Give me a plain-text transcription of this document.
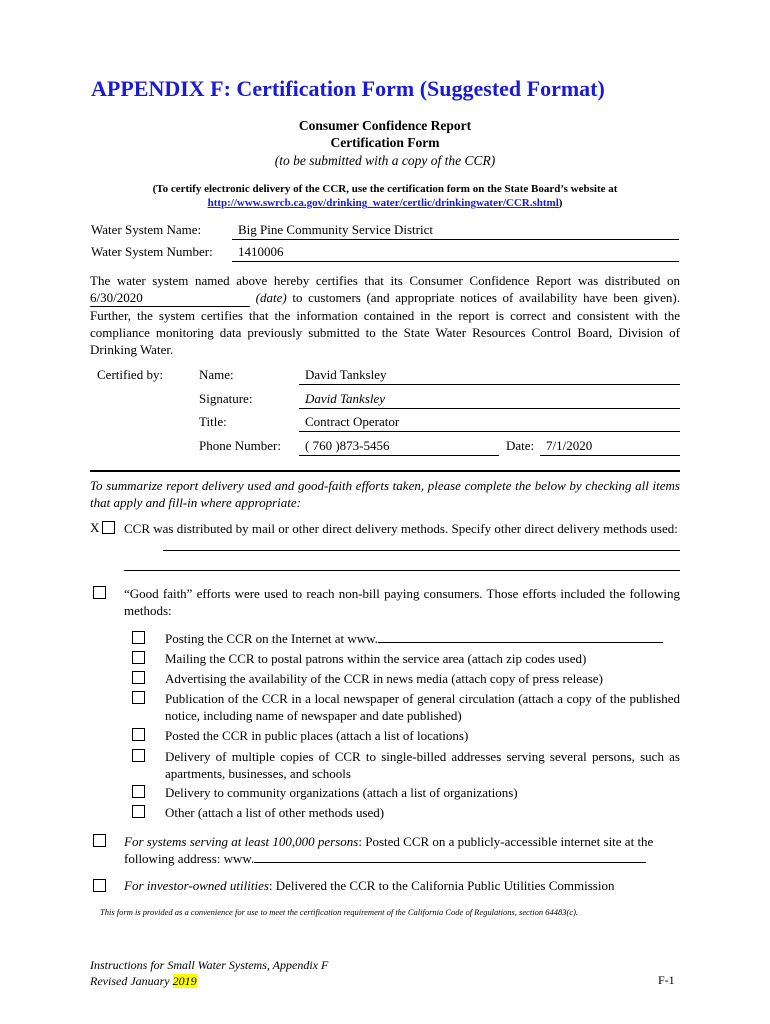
APPENDIX F: Certification Form (Suggested Format)
Consumer Confidence Report
Certification Form
(to be submitted with a copy of the CCR)
(To certify electronic delivery of the CCR, use the certification form on the State Board’s website at
http://www.swrcb.ca.gov/drinking_water/certlic/drinkingwater/CCR.shtml)
Water System Name:	Big Pine Community Service District
Water System Number:	1410006
The water system named above hereby certifies that its Consumer Confidence Report was distributed on 6/30/2020	(date) to customers (and appropriate notices of availability have been given). Further, the system certifies that the information contained in the report is correct and consistent with the compliance monitoring data previously submitted to the State Water Resources Control Board, Division of Drinking Water.
Certified by:	Name:	David Tanksley
Signature:	David Tanksley
Title:	Contract Operator
Phone Number:	( 760 )873-5456	Date: 7/1/2020
To summarize report delivery used and good-faith efforts taken, please complete the below by checking all items that apply and fill-in where appropriate:
X CCR was distributed by mail or other direct delivery methods. Specify other direct delivery methods used:
“Good faith” efforts were used to reach non-bill paying consumers. Those efforts included the following methods:
Posting the CCR on the Internet at www.
Mailing the CCR to postal patrons within the service area (attach zip codes used)
Advertising the availability of the CCR in news media (attach copy of press release)
Publication of the CCR in a local newspaper of general circulation (attach a copy of the published notice, including name of newspaper and date published)
Posted the CCR in public places (attach a list of locations)
Delivery of multiple copies of CCR to single-billed addresses serving several persons, such as apartments, businesses, and schools
Delivery to community organizations (attach a list of organizations)
Other (attach a list of other methods used)
For systems serving at least 100,000 persons: Posted CCR on a publicly-accessible internet site at the following address: www.
For investor-owned utilities: Delivered the CCR to the California Public Utilities Commission
This form is provided as a convenience for use to meet the certification requirement of the California Code of Regulations, section 64483(c).
Instructions for Small Water Systems, Appendix F
Revised January 2019	F-1
